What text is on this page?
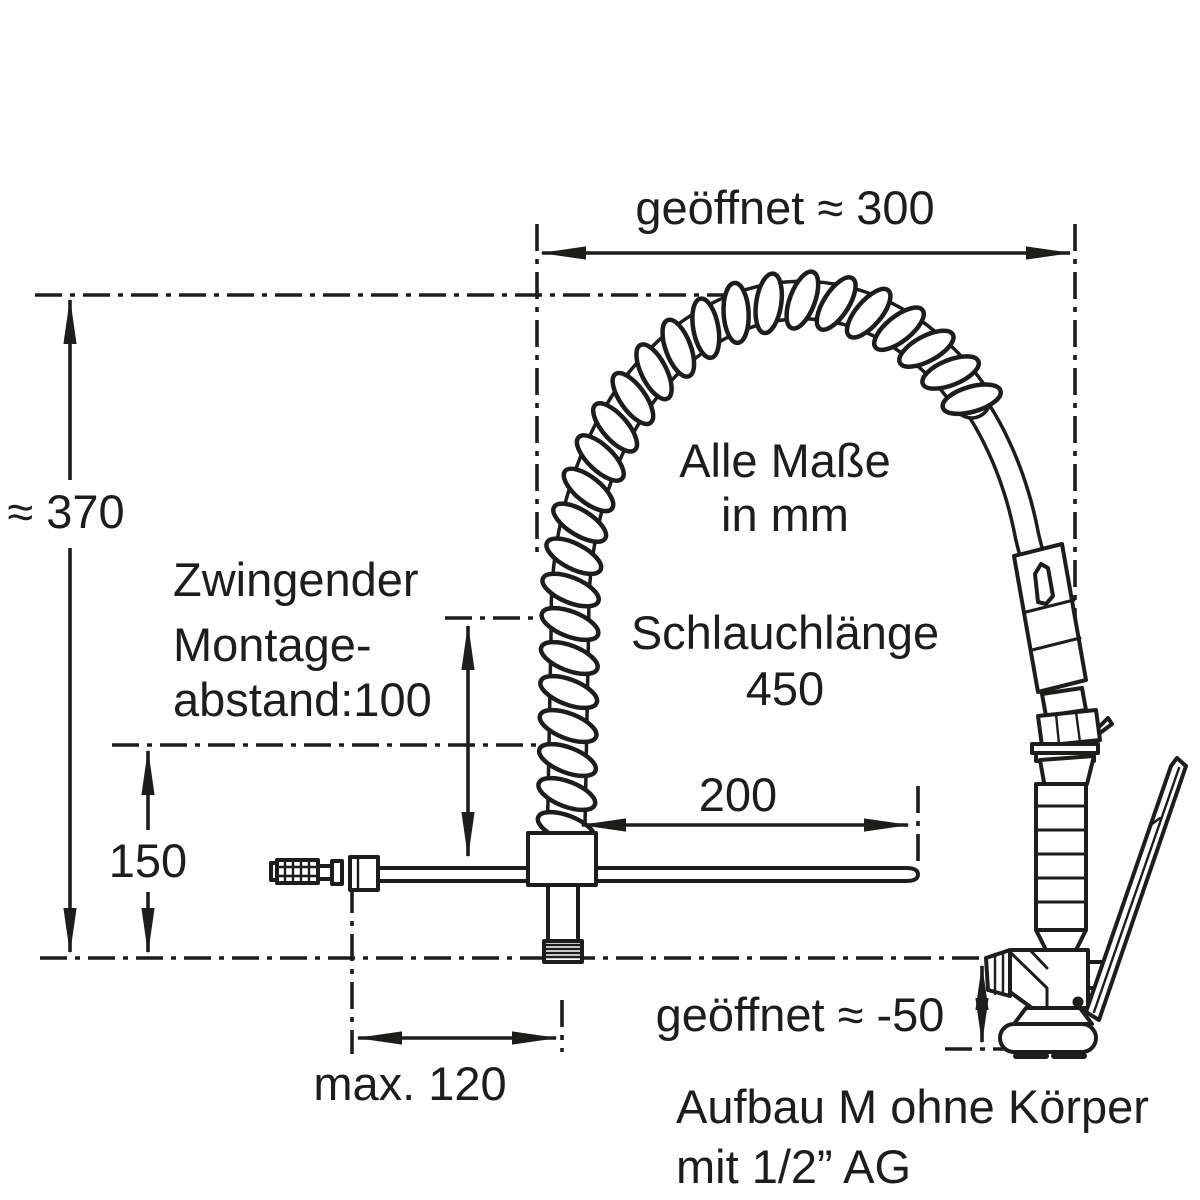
geöffnet ≈ 300
≈ 370
Zwingender
Montage-
abstand:100
150
Alle Maße
in mm
Schlauchlänge
450
200
geöffnet ≈ -50
max. 120	Aufbau M ohne Körper
mit 1/2” AG
